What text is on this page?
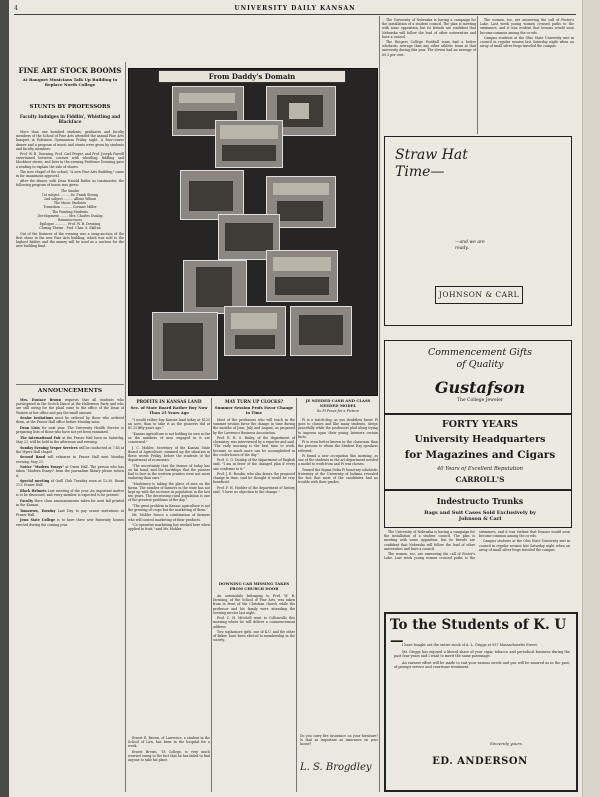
4	UNIVERSITY DAILY KANSAN
FINE ART STOCK BOOMS
At Banquet Musicians Talk Up Building to Replace North College
STUNTS BY PROFESSORS
Faculty Indulges in Fiddlin', Whistling and Blackface

More than one hundred students, graduates and faculty members of the School of Fine Arts attended the annual Fine Arts banquet in Robinson Gymnasium Friday night. A four-course dinner and a program of music and stunts were given by students and faculty members.

Prof. W. B. Downing, Prof. Carl Preyer, and Prof. Joseph Farrell entertained between courses with whistling, fiddling and blackface stunts, and later in the evening Professor Downing gave a reading to explain the sale of shares.

The new chapel of the school, "A new Fine Arts Building," came in for unanimous approval.

After the dinner, with Dean Harold Butler as toastmaster, the following program of toasts was given:

The Smoke
1st subject ......... Dr. Frank Strong
2nd subject ......... Allene Wilson
The Music Students
Transition ........... Corinne Miller
The Painting Students
Development ........ Mrs. Charles Dunlap
Reminiscences
Epilogue ............ Prof. W. B. Downing
Closing Theme . Prof. Chas. S. Skilton

Out of the features of the evening was a swag-auction of the first share in the new Fine Arts building, which was sold to the highest bidder, and the money will be used as a nucleus for the new building fund.

ANNOUNCEMENTS

Mrs. Eustace Brown requests that all students who participated in the Scotch Dance at the Halloween Party and who are still owing for the plaid come to the office of the Dean of Women at her office and pay the small amount.

Senior Invitations must be ordered by those who ordered them, at the Fraser Hall office before Monday noon.

Dean Lists for next year. The University Health Service is preparing lists of those who have not yet been examined.

The International Fair at the Fraser Hall lawn on Saturday, May 22, will be held in the afternoon and evening.

Sunday Evening Vesper Services will be conducted at 7:45 at the Myers Hall chapel.

Second Band will rehearse in Fraser Hall next Monday evening, May 23.

Notice "Modern Essays" at Owen Hall. The person who has taken "Modern Essays" from the journalism library please return it.

Special meeting of Quill Club Tuesday noon at 12:30. Room 113, Fraser Hall.

Black Helmets Last meeting of the year. An important matter is to be discussed, and every member is expected to be present.

Faculty Have class announcements taken for next fall printed in the Kansan.

Tomorrow, Tuesday Last Day to pay senior invitations at Fraser Hall.

Jowa State College is to have three new fraternity houses erected during the coming year.

From Daddy's Domain
PROFITS IN KANSAS LAND
Sec. of State Board Rather Buy Now Than 25 Years Ago

"I would rather buy Kansas land today at $125 an acre, than to take it as the pioneers did at $1.25 fifty years ago."

"Kansas agriculture is not holding its own so far as the numbers of men engaged in it are concerned."

J. C. Mohler, Secretary of the Kansas State Board of Agriculture, summed up the situation in these words Friday, before the students of the department of economics.

"The uncertainty that the farmer of today has on his hand, and the hardships that the pioneer had to face in the western prairies were not more enduring than ours."

"Machinery is taking the place of men on the farms. The number of farmers in the state has not kept up with the increase in population in the last ten years. The decreasing rural population is one of the greatest problems of the day."

"The great problem in Kansas agriculture is not the growing of crops but the marketing of them."

Mr. Mohler favors a combination of farmers who will control marketing of their products.

"Co-operative marketing has worked here when applied in fruit," said Mr. Mohler.

Ernest E. Brown, of Lawrence, a student in the School of Law, has been in the hospital for a week.

Ernest Brown, '18 College, is very much worried owing to the fact that he has failed to find anyone to take his place.

MAY TURN UP CLOCKS?
Summer Session Profs Favor Change in Time

Most of the professors who will teach in the summer session favor the change in time during the months of June, July and August, as proposed by the Lawrence Business Association.

Prof. E. H. S. Bailey, of the department of chemistry, was interviewed by a reporter and said, "The early morning is the best time to work, because so much more can be accomplished in the cooler hours of the day."

Prof. C. G. Dunlap of the department of English said, "I am in favor of the changed plan if every one conforms to it."

Prof. J. E. Boodin, who also favors the proposed change in time, said he thought it would be very beneficial.

Prof. F. H. Hodder of the department of history said, "I have no objection to the change."

DOWNING CAR MISSING TAKES FROM CHURCH DOOR

An automobile belonging to Prof. W. B. Downing, of the School of Fine Arts, was taken from in front of the Christian church while the professor and his family were attending the evening service last night.

Prof. C. H. Mitchell went to Collinsville this morning where he will deliver a commencement address.

Two sophomore girls, one of K.U. and the other of Baker, have been elected to membership in the society.

JE NEEDED CASH AND CLASS NEEDED MODEL
So Pi Poses for a Picture

Pi is a watch-dog, as you doubtless know. Pi goes to classes and like many students, sleeps peacefully while the professors plod along trying to impress upon their young listeners certain facts.

Pi is even better known in the classroom than the persons to whom the Student Day speakers referred.

Pi found a new occupation this morning, as one of the students in the art department needed a model to work from and Pi was chosen.

Toward the Sigma Delta Pi honorary scholastic fraternity at the University of Indiana revealed the fact that most of the candidates had no trouble with their grades.

Do you carry fire insurance on your furniture? Is that as important as insurance on your house?
L. S. Brogdley

The University of Nebraska is having a campaign for the installation of a student council. The plan is meeting with some opposition, but its friends are confident that Nebraska will follow the lead of other universities and have a council.

The Rutgers College Football team had a better scholastic average than any other athletic team at that university during this year. The eleven had an average of 69.3 per cent.

The women, too, are answering the call of Foster's Lake. Last week young women crossed paths to the swimmers, and it was evident that lessons would soon become common among the co-eds.

Campus students at the Ohio State University met in council in regular session last Saturday night when an array of small silver frogs traveled the campus.

Straw Hat
Time—
—and we are
ready.
JOHNSON & CARL
Commencement Gifts
of Quality
Gustafson
The College Jeweler
FORTY YEARS
University Headquarters
for Magazines and Cigars
40 Years of Excellent Reputation
CARROLL'S
Indestructo Trunks
Bags and Suit Cases Sold Exclusively by
Johnson & Carl

The University of Nebraska is having a campaign for the installation of a student council. The plan is meeting with some opposition, but its friends are confident that Nebraska will follow the lead of other universities and have a council.

The women, too, are answering the call of Foster's Lake. Last week young women crossed paths to the swimmers, and it was evident that lessons would soon become common among the co-eds.

Campus students at the Ohio State University met in council in regular session last Saturday night when an array of small silver frogs traveled the campus.

To the Students of K. U—

I have bought out the entire stock of A. L. Griggs at 937 Massachusetts Street.

Mr. Griggs has enjoyed a liberal share of your cigar, tobacco and periodical business during the past four years and I want to merit the same patronage.

An earnest effort will be made to suit your various needs and you will be assured as in the past, of prompt service and courteous treatment.

Sincerely yours,
ED. ANDERSON
